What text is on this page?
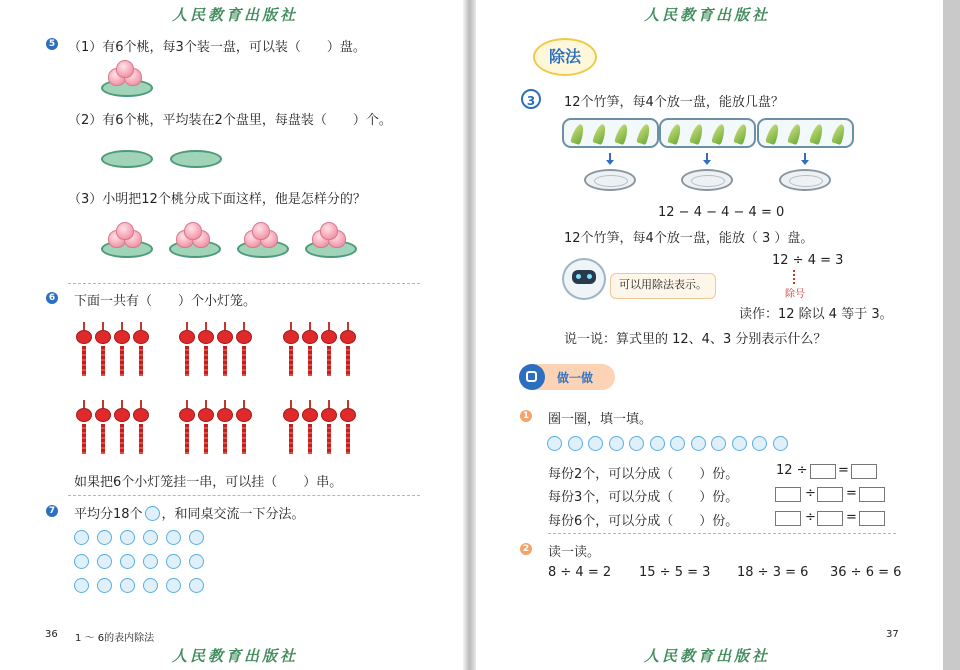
人民教育出版社
5 （1）有6个桃，每3个装一盘，可以装（　　）盘。
（2）有6个桃，平均装在2个盘里，每盘装（　　）个。
（3）小明把12个桃分成下面这样，他是怎样分的？
6 下面一共有（　　）个小灯笼。
如果把6个小灯笼挂一串，可以挂（　　）串。
7 平均分18个 ，和同桌交流一下分法。
36 1 ～ 6的表内除法
人民教育出版社
人民教育出版社
除法
3	12个竹笋，每4个放一盘，能放几盘？
12 − 4 − 4 − 4 = 0
12个竹笋，每4个放一盘，能放（ 3 ）盘。
可以用除法表示。
12 ÷ 4 = 3
除号
读作：12 除以 4 等于 3。
说一说：算式里的 12、4、3 分别表示什么？
做一做
1 圈一圈，填一填。
每份2个，可以分成（　　）份。	12 ÷ =
每份3个，可以分成（　　）份。	÷ =
每份6个，可以分成（　　）份。	÷ =
2 读一读。
8 ÷ 4 = 2 15 ÷ 5 = 3 18 ÷ 3 = 6 36 ÷ 6 = 6
37
人民教育出版社
